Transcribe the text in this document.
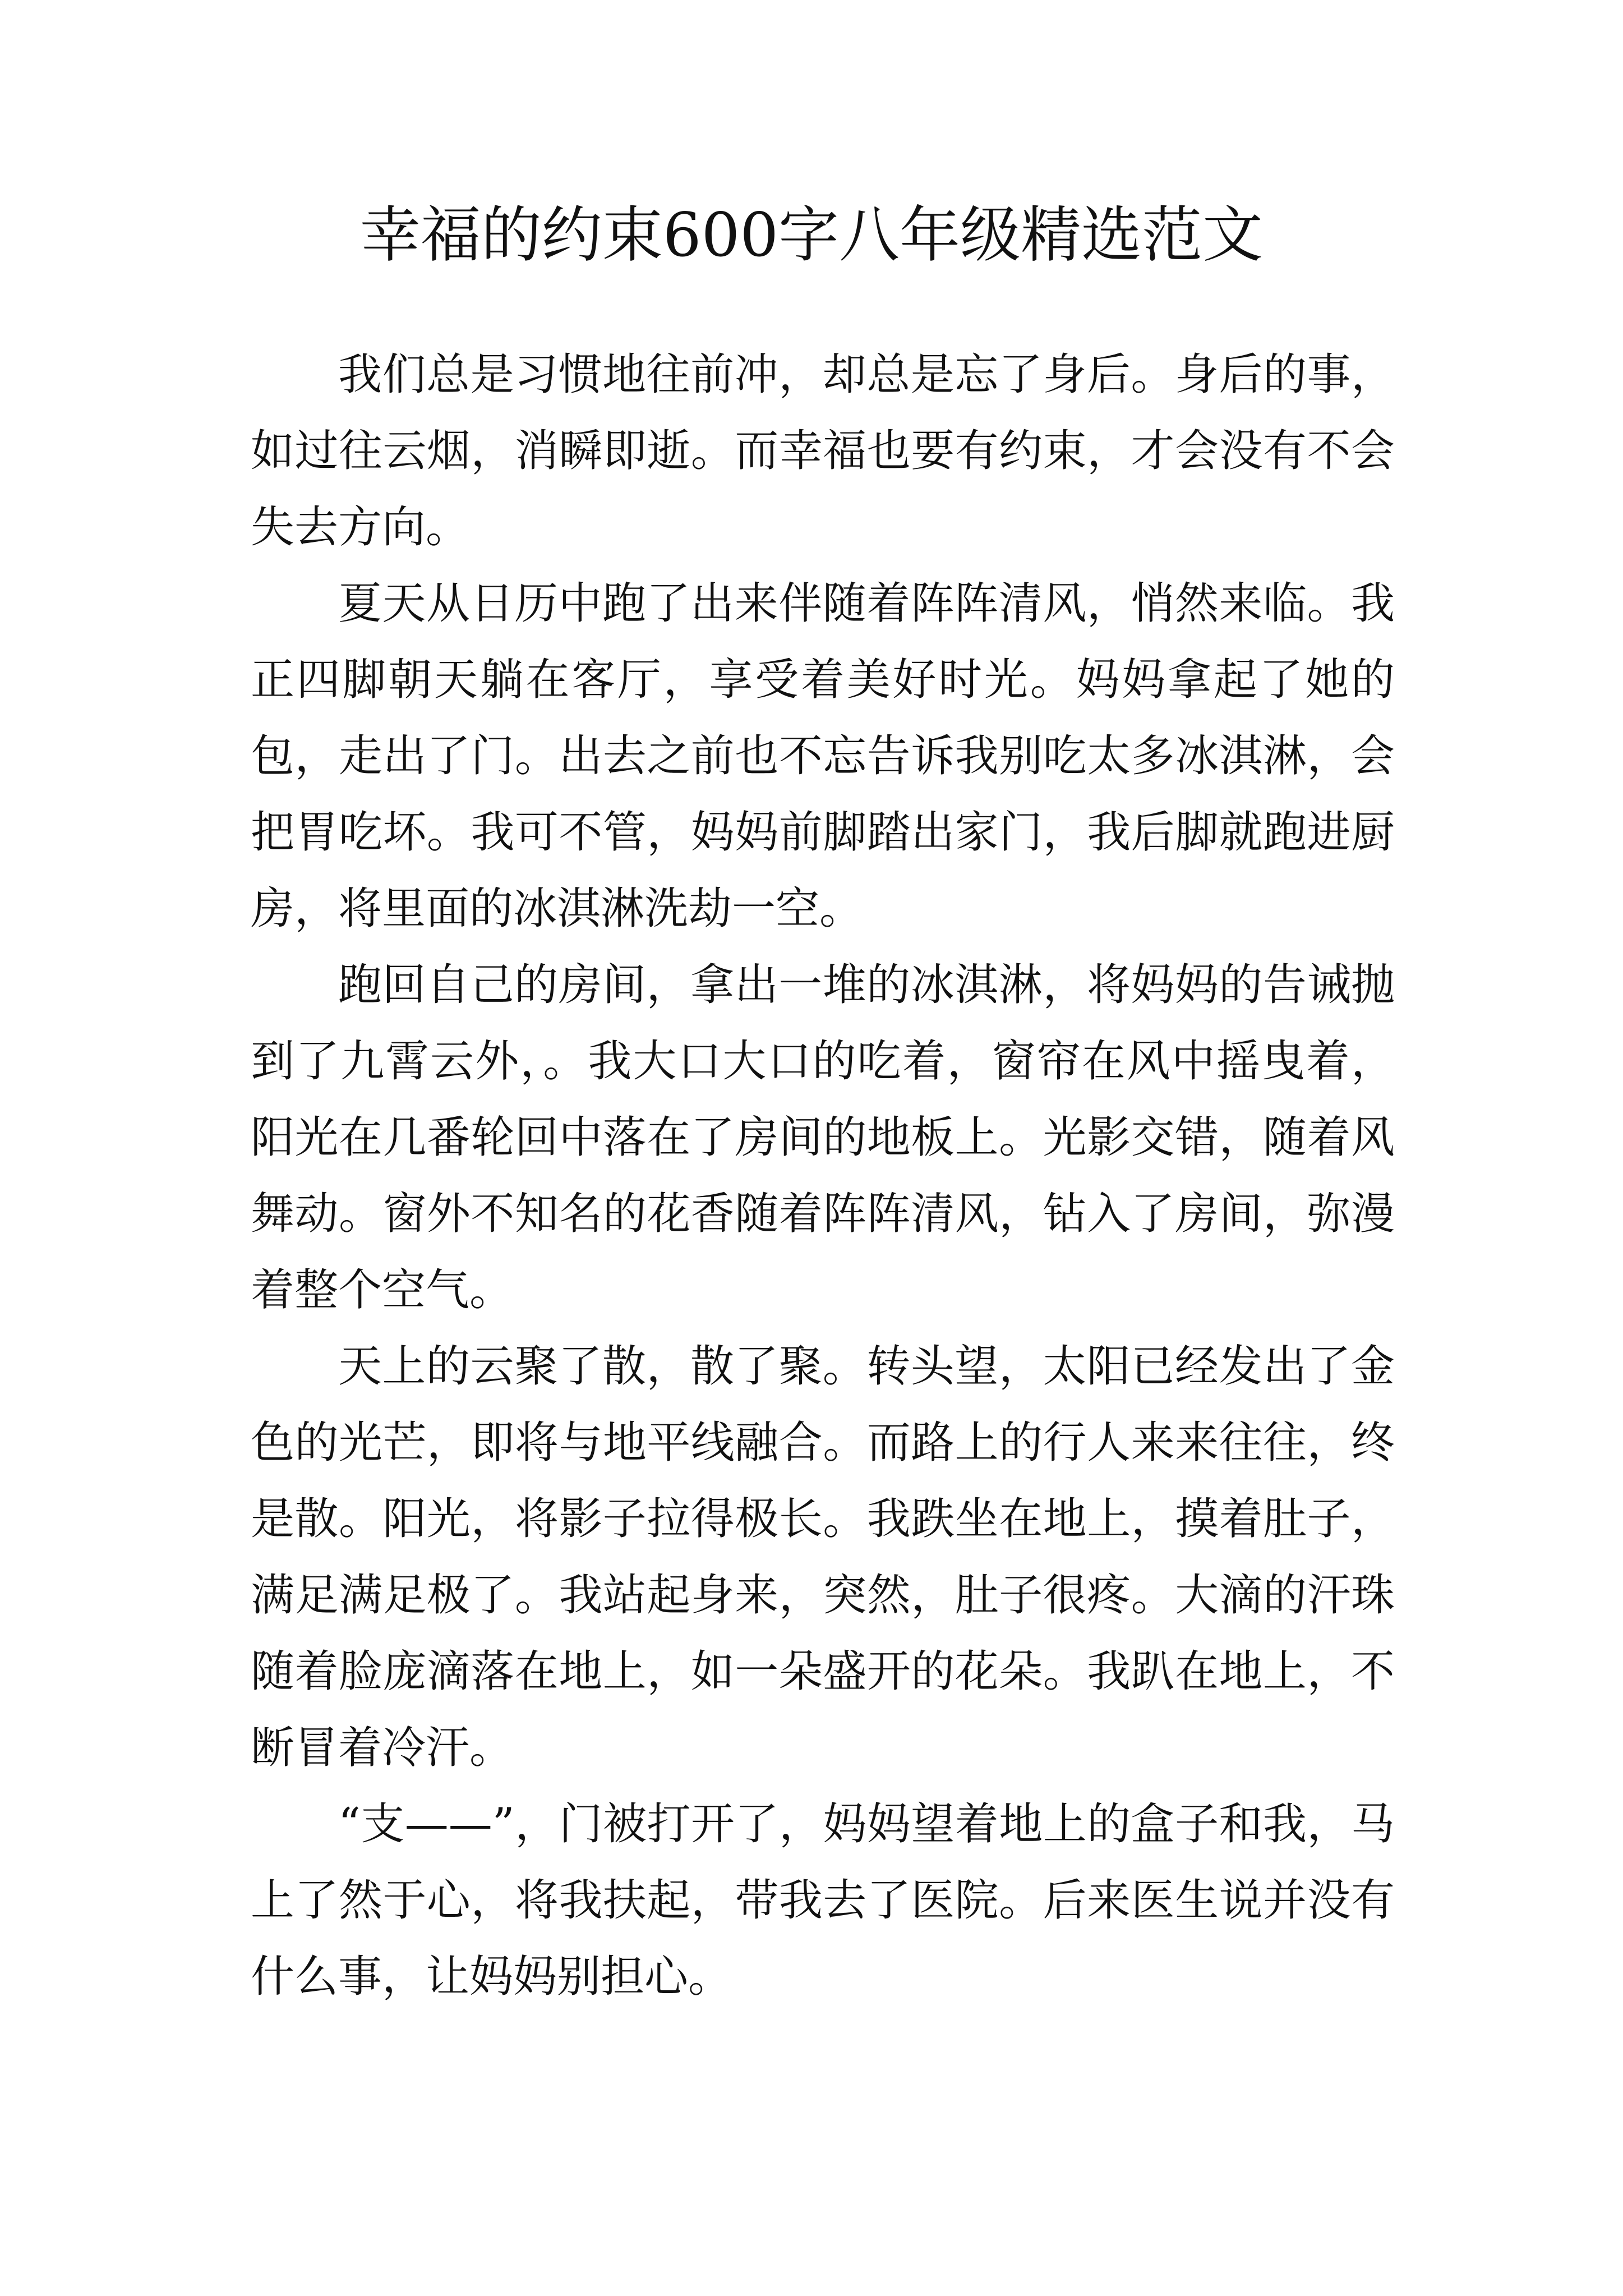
幸福的约束600字八年级精选范文

我们总是习惯地往前冲，却总是忘了身后。身后的事，如过往云烟，消瞬即逝。而幸福也要有约束，才会没有不会失去方向。

夏天从日历中跑了出来伴随着阵阵清风，悄然来临。我正四脚朝天躺在客厅，享受着美好时光。妈妈拿起了她的包，走出了门。出去之前也不忘告诉我别吃太多冰淇淋，会把胃吃坏。我可不管，妈妈前脚踏出家门，我后脚就跑进厨房，将里面的冰淇淋洗劫一空。

跑回自己的房间，拿出一堆的冰淇淋，将妈妈的告诫抛到了九霄云外，。我大口大口的吃着，窗帘在风中摇曳着，阳光在几番轮回中落在了房间的地板上。光影交错，随着风舞动。窗外不知名的花香随着阵阵清风，钻入了房间，弥漫着整个空气。

天上的云聚了散，散了聚。转头望，太阳已经发出了金色的光芒，即将与地平线融合。而路上的行人来来往往，终是散。阳光，将影子拉得极长。我跌坐在地上，摸着肚子，满足满足极了。我站起身来，突然，肚子很疼。大滴的汗珠随着脸庞滴落在地上，如一朵盛开的花朵。我趴在地上，不断冒着冷汗。

“支——”，门被打开了，妈妈望着地上的盒子和我，马上了然于心，将我扶起，带我去了医院。后来医生说并没有什么事，让妈妈别担心。
